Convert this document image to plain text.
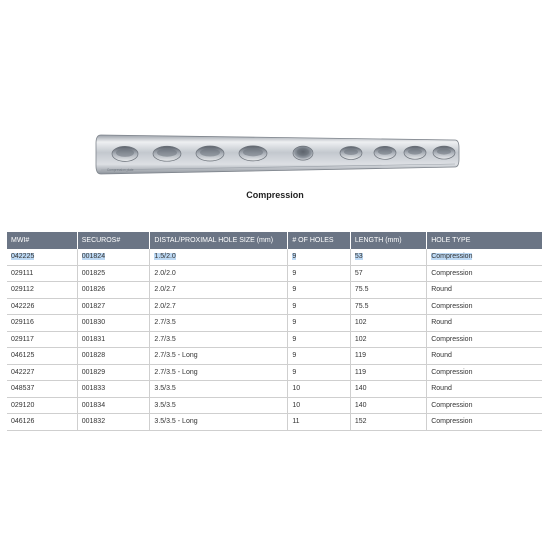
Compression plate
Compression
MWI#	SECUROS#	DISTAL/PROXIMAL HOLE SIZE (mm)	# OF HOLES	LENGTH (mm)	HOLE TYPE
042225	001824	1.5/2.0	9	53	Compression
029111	001825	2.0/2.0	9	57	Compression
029112	001826	2.0/2.7	9	75.5	Round
042226	001827	2.0/2.7	9	75.5	Compression
029116	001830	2.7/3.5	9	102	Round
029117	001831	2.7/3.5	9	102	Compression
046125	001828	2.7/3.5 - Long	9	119	Round
042227	001829	2.7/3.5 - Long	9	119	Compression
048537	001833	3.5/3.5	10	140	Round
029120	001834	3.5/3.5	10	140	Compression
046126	001832	3.5/3.5 - Long	11	152	Compression
